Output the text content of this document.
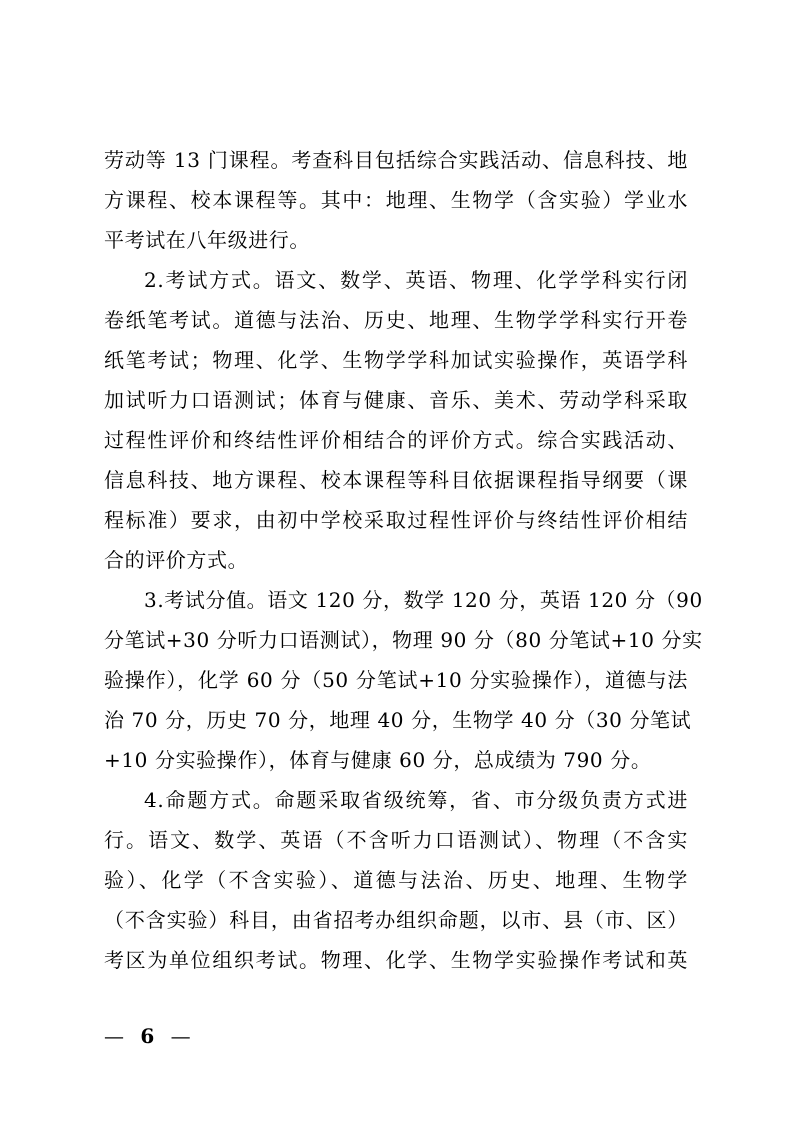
劳动等 13 门课程。考查科目包括综合实践活动、信息科技、地
方课程、校本课程等。其中：地理、生物学（含实验）学业水
平考试在八年级进行。
2.考试方式。语文、数学、英语、物理、化学学科实行闭
卷纸笔考试。道德与法治、历史、地理、生物学学科实行开卷
纸笔考试；物理、化学、生物学学科加试实验操作，英语学科
加试听力口语测试；体育与健康、音乐、美术、劳动学科采取
过程性评价和终结性评价相结合的评价方式。综合实践活动、
信息科技、地方课程、校本课程等科目依据课程指导纲要（课
程标准）要求，由初中学校采取过程性评价与终结性评价相结
合的评价方式。
3.考试分值。语文 120 分，数学 120 分，英语 120 分（90
分笔试+30 分听力口语测试），物理 90 分（80 分笔试+10 分实
验操作），化学 60 分（50 分笔试+10 分实验操作），道德与法
治 70 分，历史 70 分，地理 40 分，生物学 40 分（30 分笔试
+10 分实验操作），体育与健康 60 分，总成绩为 790 分。
4.命题方式。命题采取省级统筹，省、市分级负责方式进
行。语文、数学、英语（不含听力口语测试）、物理（不含实
验）、化学（不含实验）、道德与法治、历史、地理、生物学
（不含实验）科目，由省招考办组织命题，以市、县（市、区）
考区为单位组织考试。物理、化学、生物学实验操作考试和英
— 6 —
